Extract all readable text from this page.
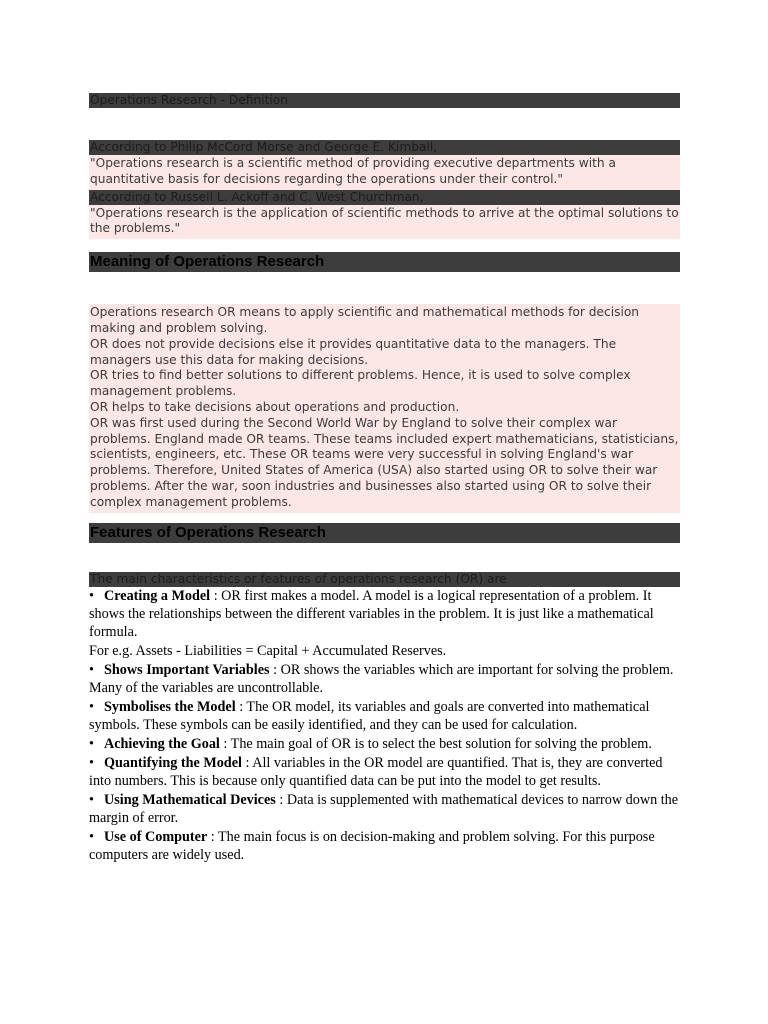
Operations Research - Definition
According to Philip McCord Morse and George E. Kimball,

"Operations research is a scientific method of providing executive departments with a quantitative basis for decisions regarding the operations under their control."

According to Russell L. Ackoff and C. West Churchman,

"Operations research is the application of scientific methods to arrive at the optimal solutions to the problems."

Meaning of Operations Research

Operations research OR means to apply scientific and mathematical methods for decision making and problem solving.

OR does not provide decisions else it provides quantitative data to the managers. The managers use this data for making decisions.

OR tries to find better solutions to different problems. Hence, it is used to solve complex management problems.

OR helps to take decisions about operations and production.

OR was first used during the Second World War by England to solve their complex war problems. England made OR teams. These teams included expert mathematicians, statisticians, scientists, engineers, etc. These OR teams were very successful in solving England's war problems. Therefore, United States of America (USA) also started using OR to solve their war problems. After the war, soon industries and businesses also started using OR to solve their complex management problems.

Features of Operations Research
The main characteristics or features of operations research (OR) are

• Creating a Model : OR first makes a model. A model is a logical representation of a problem. It shows the relationships between the different variables in the problem. It is just like a mathematical formula.

For e.g. Assets - Liabilities = Capital + Accumulated Reserves.

• Shows Important Variables : OR shows the variables which are important for solving the problem. Many of the variables are uncontrollable.

• Symbolises the Model : The OR model, its variables and goals are converted into mathematical symbols. These symbols can be easily identified, and they can be used for calculation.

• Achieving the Goal : The main goal of OR is to select the best solution for solving the problem.

• Quantifying the Model : All variables in the OR model are quantified. That is, they are converted into numbers. This is because only quantified data can be put into the model to get results.

• Using Mathematical Devices : Data is supplemented with mathematical devices to narrow down the margin of error.

• Use of Computer : The main focus is on decision-making and problem solving. For this purpose computers are widely used.
